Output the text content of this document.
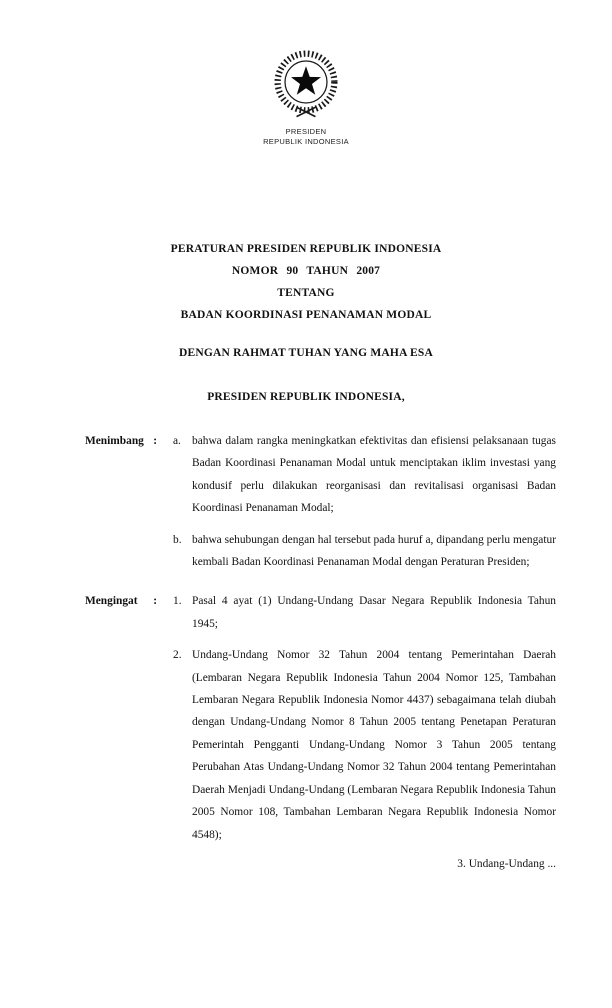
PRESIDEN
REPUBLIK INDONESIA
PERATURAN PRESIDEN REPUBLIK INDONESIA
NOMOR 90 TAHUN 2007
TENTANG
BADAN KOORDINASI PENANAMAN MODAL
DENGAN RAHMAT TUHAN YANG MAHA ESA
PRESIDEN REPUBLIK INDONESIA,
Menimbang : a. bahwa dalam rangka meningkatkan efektivitas dan efisiensi pelaksanaan tugas Badan Koordinasi Penanaman Modal untuk menciptakan iklim investasi yang kondusif perlu dilakukan reorganisasi dan revitalisasi organisasi Badan Koordinasi Penanaman Modal;
b. bahwa sehubungan dengan hal tersebut pada huruf a, dipandang perlu mengatur kembali Badan Koordinasi Penanaman Modal dengan Peraturan Presiden;
Mengingat : 1. Pasal 4 ayat (1) Undang-Undang Dasar Negara Republik Indonesia Tahun 1945;
2. Undang-Undang Nomor 32 Tahun 2004 tentang Pemerintahan Daerah (Lembaran Negara Republik Indonesia Tahun 2004 Nomor 125, Tambahan Lembaran Negara Republik Indonesia Nomor 4437) sebagaimana telah diubah dengan Undang-Undang Nomor 8 Tahun 2005 tentang Penetapan Peraturan Pemerintah Pengganti Undang-Undang Nomor 3 Tahun 2005 tentang Perubahan Atas Undang-Undang Nomor 32 Tahun 2004 tentang Pemerintahan Daerah Menjadi Undang-Undang (Lembaran Negara Republik Indonesia Tahun 2005 Nomor 108, Tambahan Lembaran Negara Republik Indonesia Nomor 4548);
3. Undang-Undang ...
